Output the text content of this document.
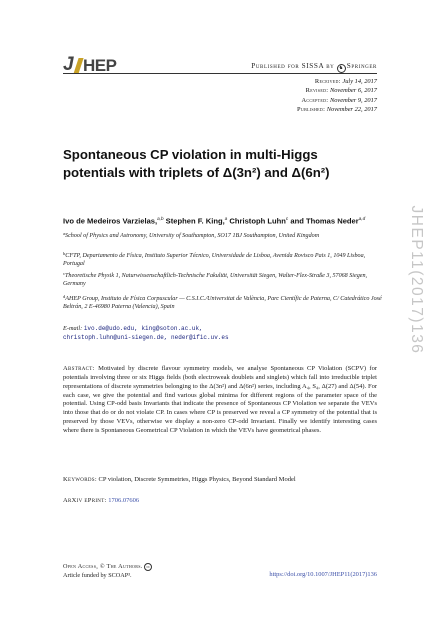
J HEP	Published for SISSA by ♞ Springer
Received: July 14, 2017
Revised: November 6, 2017
Accepted: November 9, 2017
Published: November 22, 2017
Spontaneous CP violation in multi-Higgs potentials with triplets of Δ(3n²) and Δ(6n²)
Ivo de Medeiros Varzielas,$^{a,b}$ Stephen F. King,$^a$ Christoph Luhn$^c$ and Thomas Neder$^{a,d}$
$^a$School of Physics and Astronomy, University of Southampton, SO17 1BJ Southampton, United Kingdom
$^b$CFTP, Departamento de Física, Instituto Superior Técnico, Universidade de Lisboa, Avenida Rovisco Pais 1, 1049 Lisboa, Portugal
$^c$Theoretische Physik 1, Naturwissenschaftlich-Technische Fakultät, Universität Siegen, Walter-Flex-Straße 3, 57068 Siegen, Germany
$^d$AHEP Group, Instituto de Física Corpuscular — C.S.I.C./Universitat de València, Parc Científic de Paterna, C/ Catedrático José Beltrán, 2 E-46980 Paterna (Valencia), Spain
E-mail: ivo.de@udo.edu, king@soton.ac.uk,
christoph.luhn@uni-siegen.de, neder@ific.uv.es
Abstract: Motivated by discrete flavour symmetry models, we analyse Spontaneous CP Violation (SCPV) for potentials involving three or six Higgs fields (both electroweak doublets and singlets) which fall into irreducible triplet representations of discrete symmetries belonging to the Δ(3n²) and Δ(6n²) series, including A₄, S₄, Δ(27) and Δ(54). For each case, we give the potential and find various global minima for different regions of the parameter space of the potential. Using CP-odd basis Invariants that indicate the presence of Spontaneous CP Violation we separate the VEVs into those that do or do not violate CP. In cases where CP is preserved we reveal a CP symmetry of the potential that is preserved by those VEVs, otherwise we display a non-zero CP-odd Invariant. Finally we identify interesting cases where there is Spontaneous Geometrical CP Violation in which the VEVs have geometrical phases.
Keywords: CP violation, Discrete Symmetries, Higgs Physics, Beyond Standard Model
ArXiv ePrint: 1706.07606
Open Access, © The Authors. cc
Article funded by SCOAP³.	https://doi.org/10.1007/JHEP11(2017)136
JHEP11(2017)136
